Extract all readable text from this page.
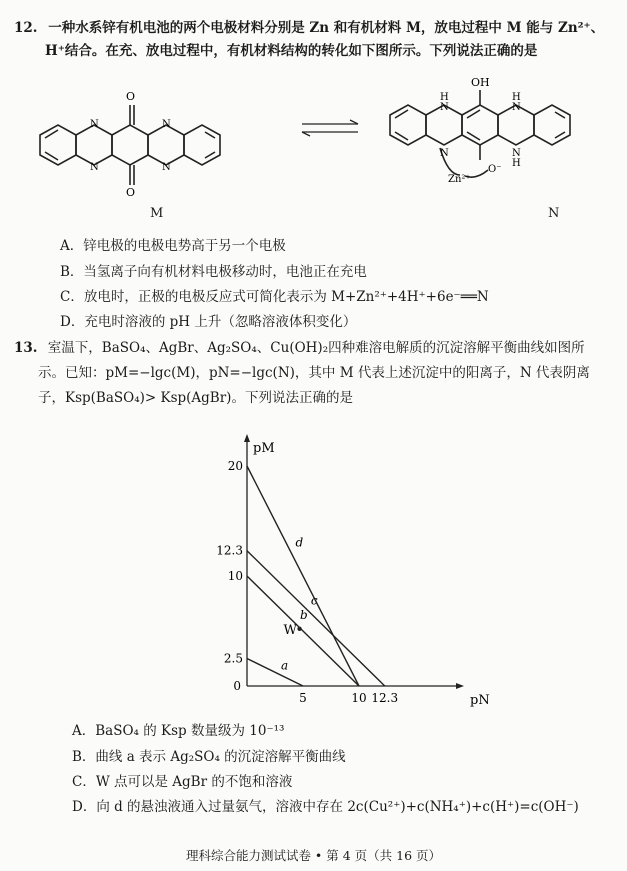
12. 一种水系锌有机电池的两个电极材料分别是 Zn 和有机材料 M，放电过程中 M 能与 Zn²⁺、
H⁺结合。在充、放电过程中，有机材料结构的转化如下图所示。下列说法正确的是
N
N
N
N
O
O
OH
H	H
N	N
N	N
H
Zn²⁺
O⁻
M	N
A．锌电极的电极电势高于另一个电极
B．当氢离子向有机材料电极移动时，电池正在充电
C．放电时，正极的电极反应式可简化表示为 M+Zn²⁺+4H⁺+6e⁻══N
D．充电时溶液的 pH 上升（忽略溶液体积变化）
13. 室温下，BaSO₄、AgBr、Ag₂SO₄、Cu(OH)₂四种难溶电解质的沉淀溶解平衡曲线如图所
示。已知：pM=−lgc(M)，pN=−lgc(N)，其中 M 代表上述沉淀中的阳离子，N 代表阴离
子，Ksp(BaSO₄)> Ksp(AgBr)。下列说法正确的是
pM
pN
0
2.5
10
12.3
20
5	10 12.3
a
b
c
d
W
A．BaSO₄ 的 Ksp 数量级为 10⁻¹³
B．曲线 a 表示 Ag₂SO₄ 的沉淀溶解平衡曲线
C．W 点可以是 AgBr 的不饱和溶液
D．向 d 的悬浊液通入过量氨气，溶液中存在 2c(Cu²⁺)+c(NH₄⁺)+c(H⁺)=c(OH⁻)
理科综合能力测试试卷 • 第 4 页（共 16 页）
